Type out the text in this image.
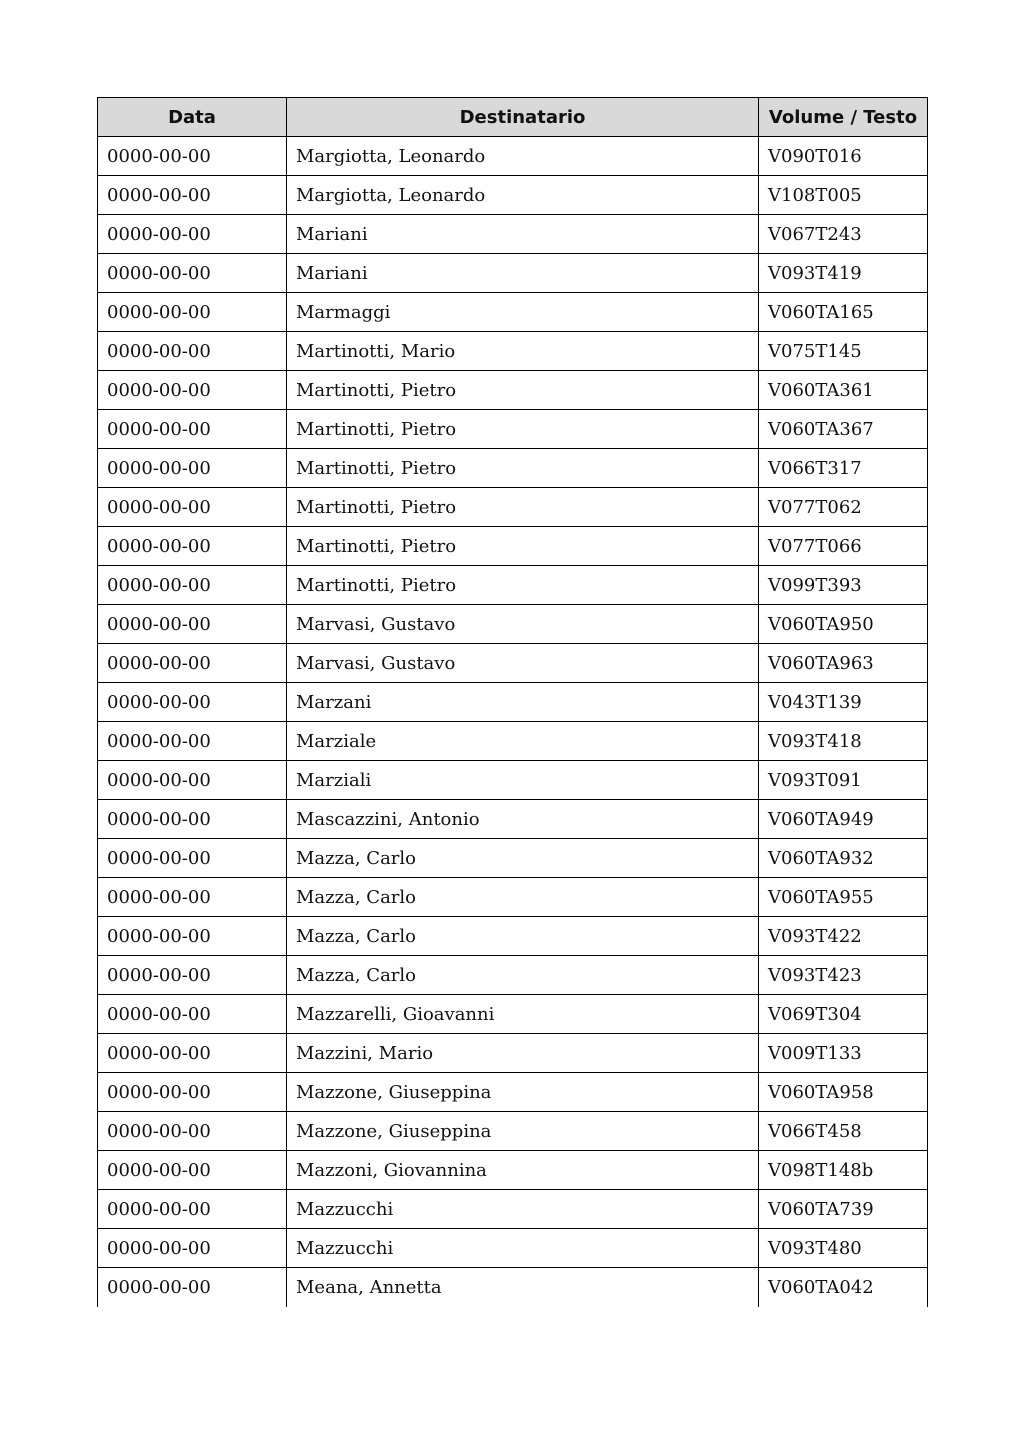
Data	Destinatario	Volume / Testo
0000-00-00	Margiotta, Leonardo	V090T016
0000-00-00	Margiotta, Leonardo	V108T005
0000-00-00	Mariani	V067T243
0000-00-00	Mariani	V093T419
0000-00-00	Marmaggi	V060TA165
0000-00-00	Martinotti, Mario	V075T145
0000-00-00	Martinotti, Pietro	V060TA361
0000-00-00	Martinotti, Pietro	V060TA367
0000-00-00	Martinotti, Pietro	V066T317
0000-00-00	Martinotti, Pietro	V077T062
0000-00-00	Martinotti, Pietro	V077T066
0000-00-00	Martinotti, Pietro	V099T393
0000-00-00	Marvasi, Gustavo	V060TA950
0000-00-00	Marvasi, Gustavo	V060TA963
0000-00-00	Marzani	V043T139
0000-00-00	Marziale	V093T418
0000-00-00	Marziali	V093T091
0000-00-00	Mascazzini, Antonio	V060TA949
0000-00-00	Mazza, Carlo	V060TA932
0000-00-00	Mazza, Carlo	V060TA955
0000-00-00	Mazza, Carlo	V093T422
0000-00-00	Mazza, Carlo	V093T423
0000-00-00	Mazzarelli, Gioavanni	V069T304
0000-00-00	Mazzini, Mario	V009T133
0000-00-00	Mazzone, Giuseppina	V060TA958
0000-00-00	Mazzone, Giuseppina	V066T458
0000-00-00	Mazzoni, Giovannina	V098T148b
0000-00-00	Mazzucchi	V060TA739
0000-00-00	Mazzucchi	V093T480
0000-00-00	Meana, Annetta	V060TA042
